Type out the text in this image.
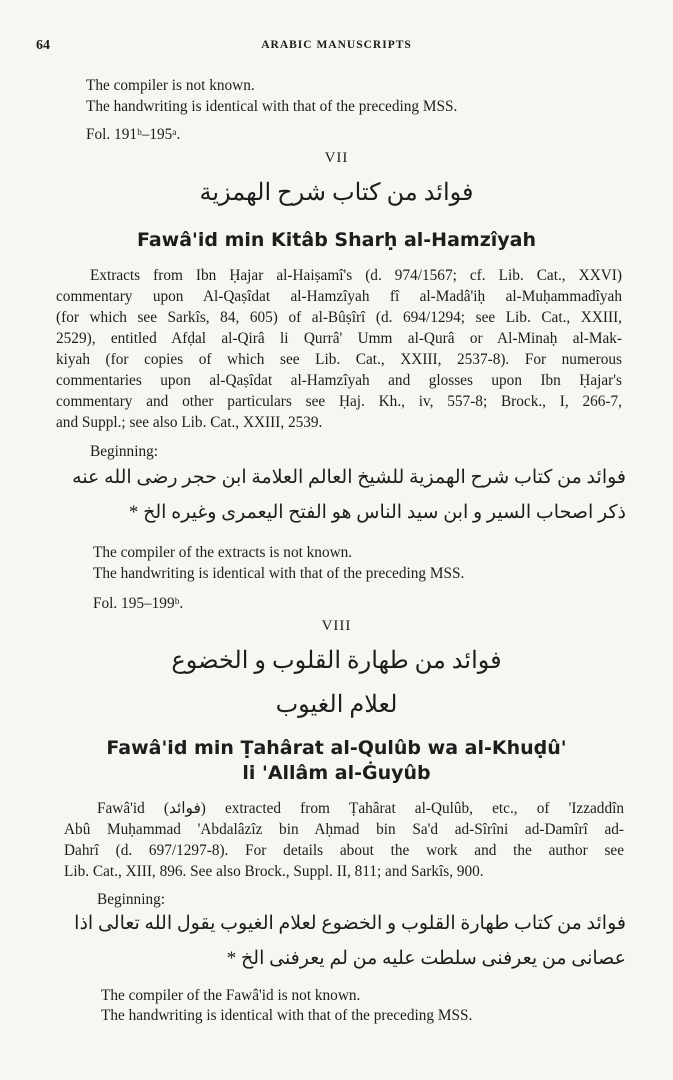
64	ARABIC MANUSCRIPTS
The compiler is not known.
The handwriting is identical with that of the preceding MSS.
Fol. 191ᵇ–195ᵃ.
VII
فوائد من كتاب شرح الهمزية
Fawâ'id min Kitâb Sharḥ al-Hamzîyah
Extracts from Ibn Ḥajar al-Haiṣamî's (d. 974/1567; cf. Lib. Cat., XXVI)
commentary upon Al-Qaṣîdat al-Hamzîyah fî al-Madâ'iḥ al-Muḥammadîyah
(for which see Sarkîs, 84, 605) of al-Bûṣîrî (d. 694/1294; see Lib. Cat., XXIII,
2529), entitled Afḍal al-Qirâ li Qurrâ' Umm al-Qurâ or Al-Minaḥ al-Mak-
kiyah (for copies of which see Lib. Cat., XXIII, 2537-8). For numerous
commentaries upon al-Qaṣîdat al-Hamzîyah and glosses upon Ibn Ḥajar's
commentary and other particulars see Ḥaj. Kh., iv, 557-8; Brock., I, 266-7,
and Suppl.; see also Lib. Cat., XXIII, 2539.
Beginning:
فوائد من كتاب شرح الهمزية للشيخ العالم العلامة ابن حجر رضى الله عنه
ذكر اصحاب السير و ابن سيد الناس هو الفتح اليعمرى وغيره الخ *
The compiler of the extracts is not known.
The handwriting is identical with that of the preceding MSS.
Fol. 195–199ᵇ.
VIII
فوائد من طهارة القلوب و الخضوع
لعلام الغيوب
Fawâ'id min Ṭahârat al-Qulûb wa al-Khuḍû'
li 'Allâm al-Ġuyûb
Fawâ'id (فوائد) extracted from Ṭahârat al-Qulûb, etc., of 'Izzaddîn
Abû Muḥammad 'Abdalâzîz bin Aḥmad bin Sa'd ad-Sîrîni ad-Damîrî ad-
Dahrî (d. 697/1297-8). For details about the work and the author see
Lib. Cat., XIII, 896. See also Brock., Suppl. II, 811; and Sarkîs, 900.
Beginning:
فوائد من كتاب طهارة القلوب و الخضوع لعلام الغيوب يقول الله تعالى اذا
عصانى من يعرفنى سلطت عليه من لم يعرفنى الخ *
The compiler of the Fawâ'id is not known.
The handwriting is identical with that of the preceding MSS.
